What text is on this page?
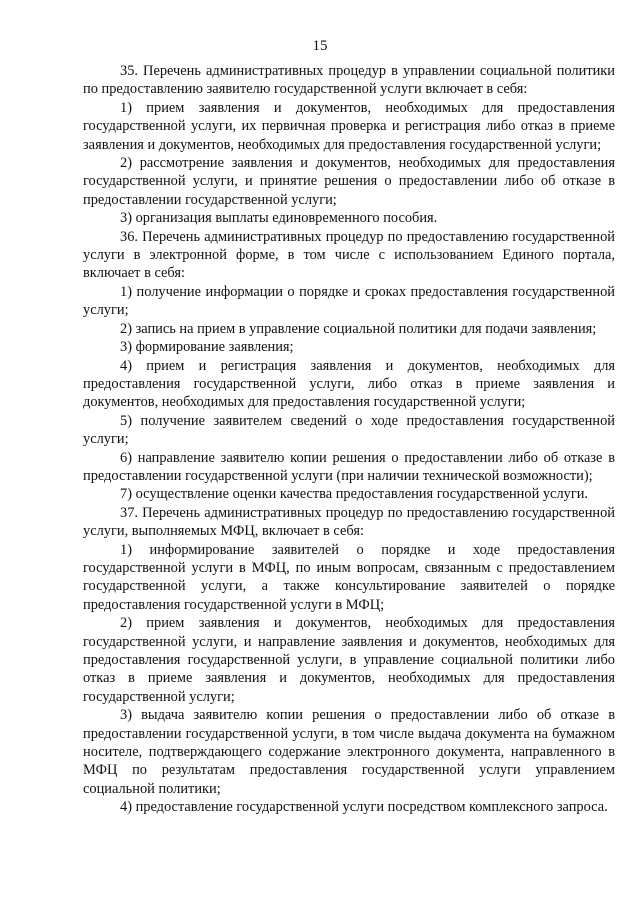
15

35. Перечень административных процедур в управлении социальной политики по предоставлению заявителю государственной услуги включает в себя:

1) прием заявления и документов, необходимых для предоставления государственной услуги, их первичная проверка и регистрация либо отказ в приеме заявления и документов, необходимых для предоставления государственной услуги;

2) рассмотрение заявления и документов, необходимых для предоставления государственной услуги, и принятие решения о предоставлении либо об отказе в предоставлении государственной услуги;

3) организация выплаты единовременного пособия.

36. Перечень административных процедур по предоставлению государственной услуги в электронной форме, в том числе с использованием Единого портала, включает в себя:

1) получение информации о порядке и сроках предоставления государственной услуги;

2) запись на прием в управление социальной политики для подачи заявления;

3) формирование заявления;

4) прием и регистрация заявления и документов, необходимых для предоставления государственной услуги, либо отказ в приеме заявления и документов, необходимых для предоставления государственной услуги;

5) получение заявителем сведений о ходе предоставления государственной услуги;

6) направление заявителю копии решения о предоставлении либо об отказе в предоставлении государственной услуги (при наличии технической возможности);

7) осуществление оценки качества предоставления государственной услуги.

37. Перечень административных процедур по предоставлению государственной услуги, выполняемых МФЦ, включает в себя:

1) информирование заявителей о порядке и ходе предоставления государственной услуги в МФЦ, по иным вопросам, связанным с предоставлением государственной услуги, а также консультирование заявителей о порядке предоставления государственной услуги в МФЦ;

2) прием заявления и документов, необходимых для предоставления государственной услуги, и направление заявления и документов, необходимых для предоставления государственной услуги, в управление социальной политики либо отказ в приеме заявления и документов, необходимых для предоставления государственной услуги;

3) выдача заявителю копии решения о предоставлении либо об отказе в предоставлении государственной услуги, в том числе выдача документа на бумажном носителе, подтверждающего содержание электронного документа, направленного в МФЦ по результатам предоставления государственной услуги управлением социальной политики;

4) предоставление государственной услуги посредством комплексного запроса.
